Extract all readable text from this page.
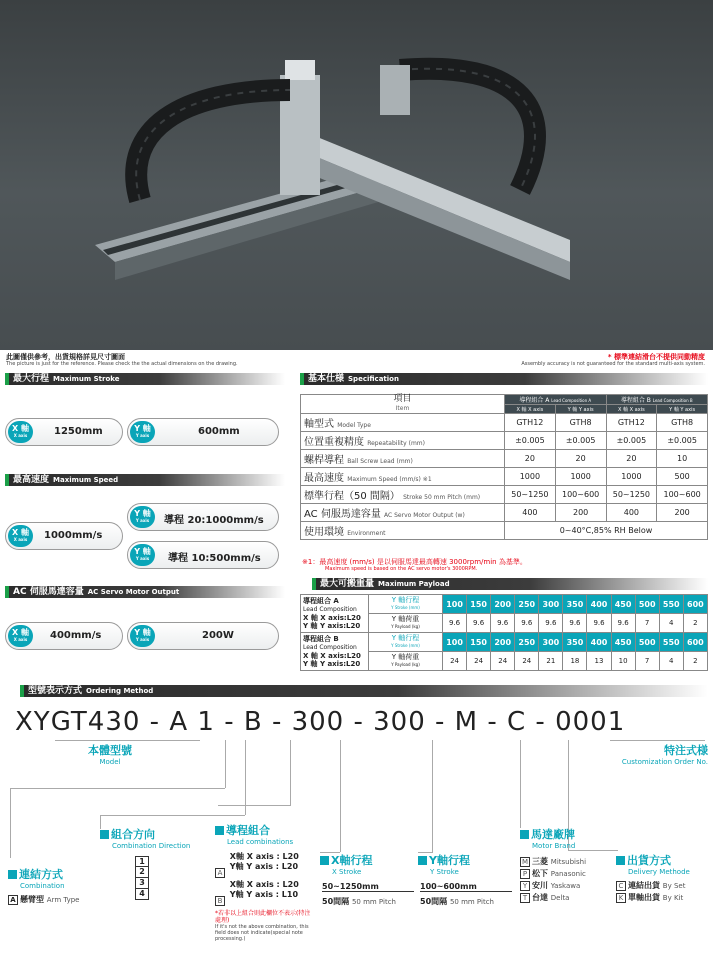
此圖僅供參考，出貨規格詳見尺寸圖面
The picture is just for the reference. Please check the the actual dimensions on the drawing.
* 標準連結滑台不提供同動精度
Assembly accuracy is not guaranteed for the standard multi-axis system.
最大行程 Maximum Stroke
X 軸
X axis	1250mm	Y 軸
Y axis	600mm
最高速度 Maximum Speed
X 軸
X axis	1000mm/s
Y 軸
Y axis	導程 20:1000mm/s
Y 軸
Y axis	導程 10:500mm/s
AC 伺服馬達容量 AC Servo Motor Output
X 軸
X axis	400mm/s	Y 軸
Y axis	200W
基本仕様 Specification
項目
Item	導程組合 A Lead Composition A		導程組合 B Lead Composition B	
	X 軸 X axis	Y 軸 Y axis	X 軸 X axis	Y 軸 Y axis
軸型式 Model Type	GTH12	GTH8	GTH12	GTH8
位置重複精度 Repeatability (mm)	±0.005	±0.005	±0.005	±0.005
螺桿導程 Ball Screw Lead (mm)	20	20	20	10
最高速度 Maximum Speed (mm/s) ※1	1000	1000	1000	500
標準行程（50 間隔） Stroke 50 mm Pitch (mm)	50~1250	100~600	50~1250	100~600
AC 伺服馬達容量 AC Servo Motor Output (w)	400	200	400	200
使用環境 Environment	0~40°C,85% RH Below			
※1：最高速度 (mm/s) 是以伺服馬達最高轉速 3000rpm/min 為基準。
Maximum speed is based on the AC servo motor's 3000RPM.
最大可搬重量 Maximum Payload
導程組合 A
Lead Composition
X 軸 X axis:L20
Y 軸 Y axis:L20	Y 軸行程
Y Stroke (mm)	100	150	200	250	300	350	400	450	500	550	600
	Y 軸荷重
Y Payload (kg)	9.6	9.6	9.6	9.6	9.6	9.6	9.6	9.6	7	4	2
導程組合 B
Lead Composition
X 軸 X axis:L20
Y 軸 Y axis:L20	Y 軸行程
Y Stroke (mm)	100	150	200	250	300	350	400	450	500	550	600
	Y 軸荷重
Y Payload (kg)	24	24	24	24	21	18	13	10	7	4	2
型號表示方式 Ordering Method
XYGT430 - A 1 - B - 300 - 300 - M - C - 0001
本體型號
Model
特注式様
Customization Order No.
連結方式
Combination
A 懸臂型 Arm Type
組合方向
Combination Direction
1
2
3
4
導程組合
Lead combinations
A X軸 X axis : L20
Y軸 Y axis : L20
B X軸 X axis : L20
Y軸 Y axis : L10
*若非以上組合則此欄位不表示(特注處理)
If it's not the above combination, this field does not indicate(special note processing.)
X軸行程
X Stroke
50~1250mm
50間隔 50 mm Pitch
Y軸行程
Y Stroke
100~600mm
50間隔 50 mm Pitch
馬達廠牌
Motor Brand
M 三菱 Mitsubishi
P 松下 Panasonic
Y 安川 Yaskawa
T 台達 Delta
出貨方式
Delivery Methode
C 連結出貨 By Set
K 單軸出貨 By Kit
